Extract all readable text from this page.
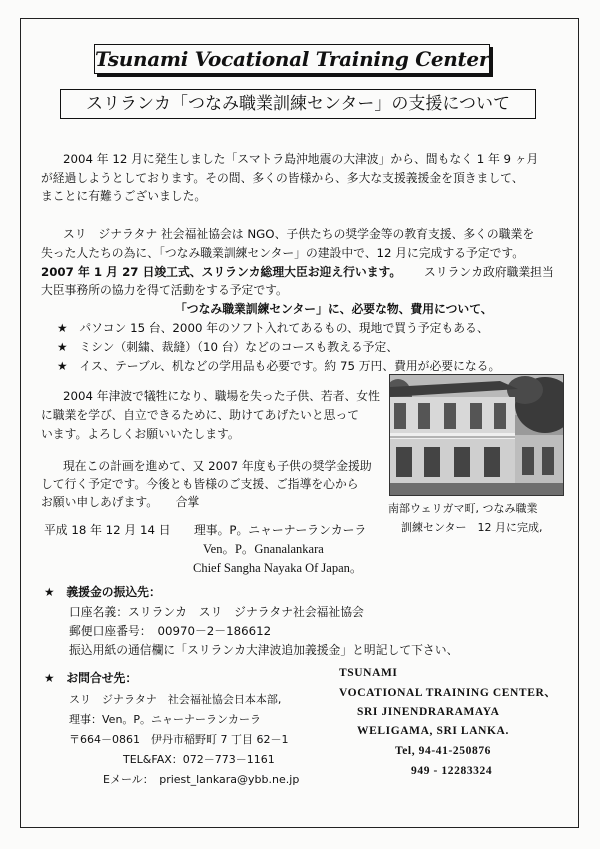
Tsunami Vocational Training Center
スリランカ「つなみ職業訓練センター」の支援について
2004 年 12 月に発生しました「スマトラ島沖地震の大津波」から、間もなく 1 年 9 ヶ月
が経過しようとしております。その間、多くの皆様から、多大な支援義援金を頂きまして、
まことに有難うございました。
スリ　ジナラタナ 社会福祉協会は NGO、子供たちの奨学金等の教育支援、多くの職業を
失った人たちの為に、「つなみ職業訓練センター」の建設中で、12 月に完成する予定です。
2007 年 1 月 27 日竣工式、スリランカ総理大臣お迎え行います。 スリランカ政府職業担当
大臣事務所の協力を得て活動をする予定です。
「つなみ職業訓練センター」に、必要な物、費用について、
★　パソコン 15 台、2000 年のソフト入れてあるもの、現地で買う予定もある、
★　ミシン（刺繍、裁縫）（10 台）などのコースも教える予定、
★　イス、テーブル、机などの学用品も必要です。約 75 万円、費用が必要になる。
2004 年津波で犠牲になり、職場を失った子供、若者、女性
に職業を学び、自立できるために、助けてあげたいと思って
います。よろしくお願いいたします。
現在この計画を進めて、又 2007 年度も子供の奨学金援助
して行く予定です。今後とも皆様のご支援、ご指導を心から
お願い申しあげます。　　合掌	南部ウェリガマ町, つなみ職業
訓練センター　12 月に完成,
平成 18 年 12 月 14 日 理事。P。ニャーナーランカーラ
Ven。P。Gnanalankara
Chief Sangha Nayaka Of Japan。
★　義援金の振込先：
口座名義：スリランカ　スリ　ジナラタナ社会福祉協会
郵便口座番号：　00970－2－186612
振込用紙の通信欄に「スリランカ大津波追加義援金」と明記して下さい、
★　お問合せ先：
スリ　ジナラタナ　社会福祉協会日本本部,
理事：Ven。P。ニャーナーランカーラ
〒664－0861　伊丹市稲野町 7 丁目 62－1
TEL&FAX：072－773－1161
Eメール：　priest_lankara@ybb.ne.jp
TSUNAMI
VOCATIONAL TRAINING CENTER、
SRI JINENDRARAMAYA
WELIGAMA, SRI LANKA.
Tel, 94-41-250876
949 - 12283324
